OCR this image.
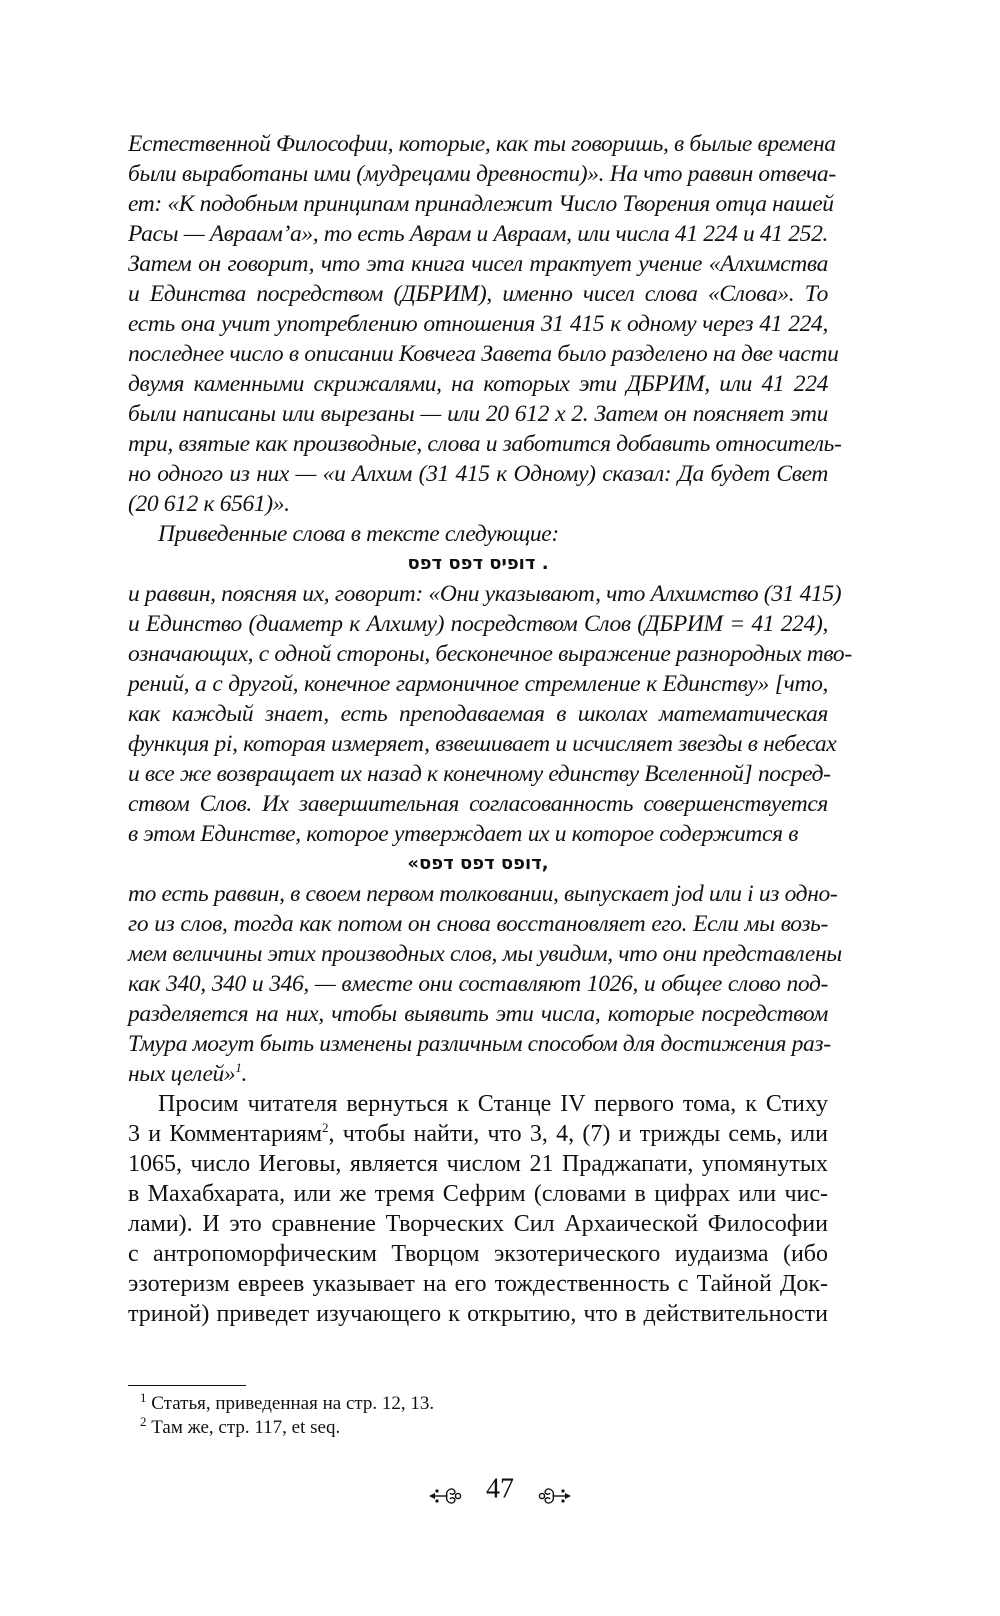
Естественной Философии, которые, как ты говоришь, в былые времена
были выработаны ими (мудрецами древности)». На что раввин отвеча-
ет: «К подобным принципам принадлежит Число Творения отца нашей
Расы — Авраам’а», то есть Аврам и Авраам, или числа 41 224 и 41 252.
Затем он говорит, что эта книга чисел трактует учение «Алхимства
и Единства посредством (ДБРИМ), именно чисел слова «Слова». То
есть она учит употреблению отношения 31 415 к одному через 41 224,
последнее число в описании Ковчега Завета было разделено на две части
двумя каменными скрижалями, на которых эти ДБРИМ, или 41 224
были написаны или вырезаны — или 20 612 х 2. Затем он поясняет эти
три, взятые как производные, слова и заботится добавить относитель-
но одного из них — «и Алхим (31 415 к Одному) сказал: Да будет Свет
(20 612 к 6561)».
Приведенные слова в тексте следующие:
ספד ספד סיפוד .
и раввин, поясняя их, говорит: «Они указывают, что Алхимство (31 415)
и Единство (диаметр к Алхиму) посредством Слов (ДБРИМ = 41 224),
означающих, с одной стороны, бесконечное выражение разнородных тво-
рений, а с другой, конечное гармоничное стремление к Единству» [что,
как каждый знает, есть преподаваемая в школах математическая
функция pi, которая измеряет, взвешивает и исчисляет звезды в небесах
и все же возвращает их назад к конечному единству Вселенной] посред-
ством Слов. Их завершительная согласованность совершенствуется
в этом Единстве, которое утверждает их и которое содержится в
«ספד ספד ספוד,
то есть раввин, в своем первом толковании, выпускает jod или i из одно-
го из слов, тогда как потом он снова восстановляет его. Если мы возь-
мем величины этих производных слов, мы увидим, что они представлены
как 340, 340 и 346, — вместе они составляют 1026, и общее слово под-
разделяется на них, чтобы выявить эти числа, которые посредством
Тмура могут быть изменены различным способом для достижения раз-
ных целей»$^1$.
Просим читателя вернуться к Станце IV первого тома, к Стиху
3 и Комментариям$^2$, чтобы найти, что 3, 4, (7) и трижды семь, или
1065, число Иеговы, является числом 21 Праджапати, упомянутых
в Махабхарата, или же тремя Сефрим (словами в цифрах или чис-
лами). И это сравнение Творческих Сил Архаической Философии
с антропоморфическим Творцом экзотерического иудаизма (ибо
эзотеризм евреев указывает на его тождественность с Тайной Док-
триной) приведет изучающего к открытию, что в действительности
$^1$ Статья, приведенная на стр. 12, 13.
$^2$ Там же, стр. 117, et seq.
47
